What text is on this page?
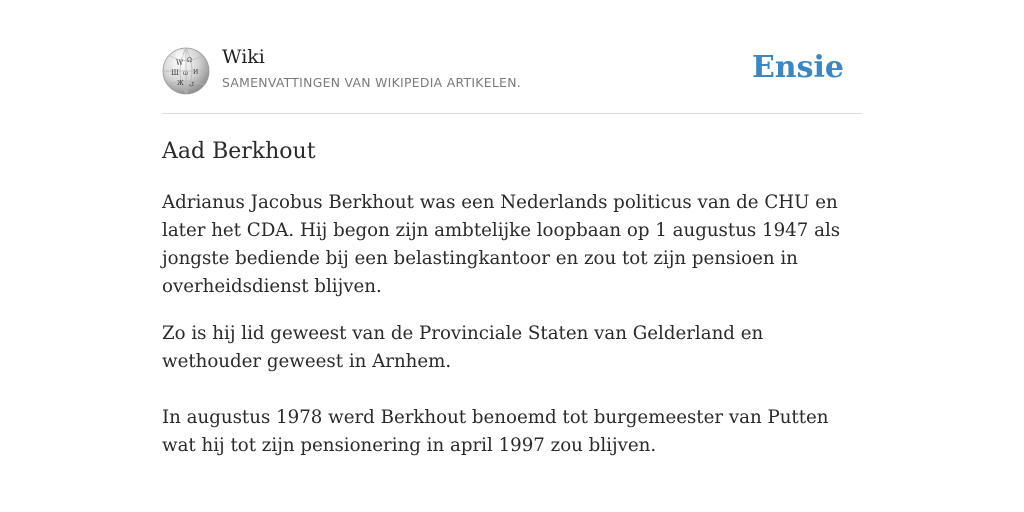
W Ω
Ш ω И
Ж ک
Wiki
SAMENVATTINGEN VAN WIKIPEDIA ARTIKELEN.	Ensie
Aad Berkhout

Adrianus Jacobus Berkhout was een Nederlands politicus van de CHU en later het CDA. Hij begon zijn ambtelijke loopbaan op 1 augustus 1947 als jongste bediende bij een belastingkantoor en zou tot zijn pensioen in overheidsdienst blijven.

Zo is hij lid geweest van de Provinciale Staten van Gelderland en wethouder geweest in Arnhem.

In augustus 1978 werd Berkhout benoemd tot burgemeester van Putten wat hij tot zijn pensionering in april 1997 zou blijven.
